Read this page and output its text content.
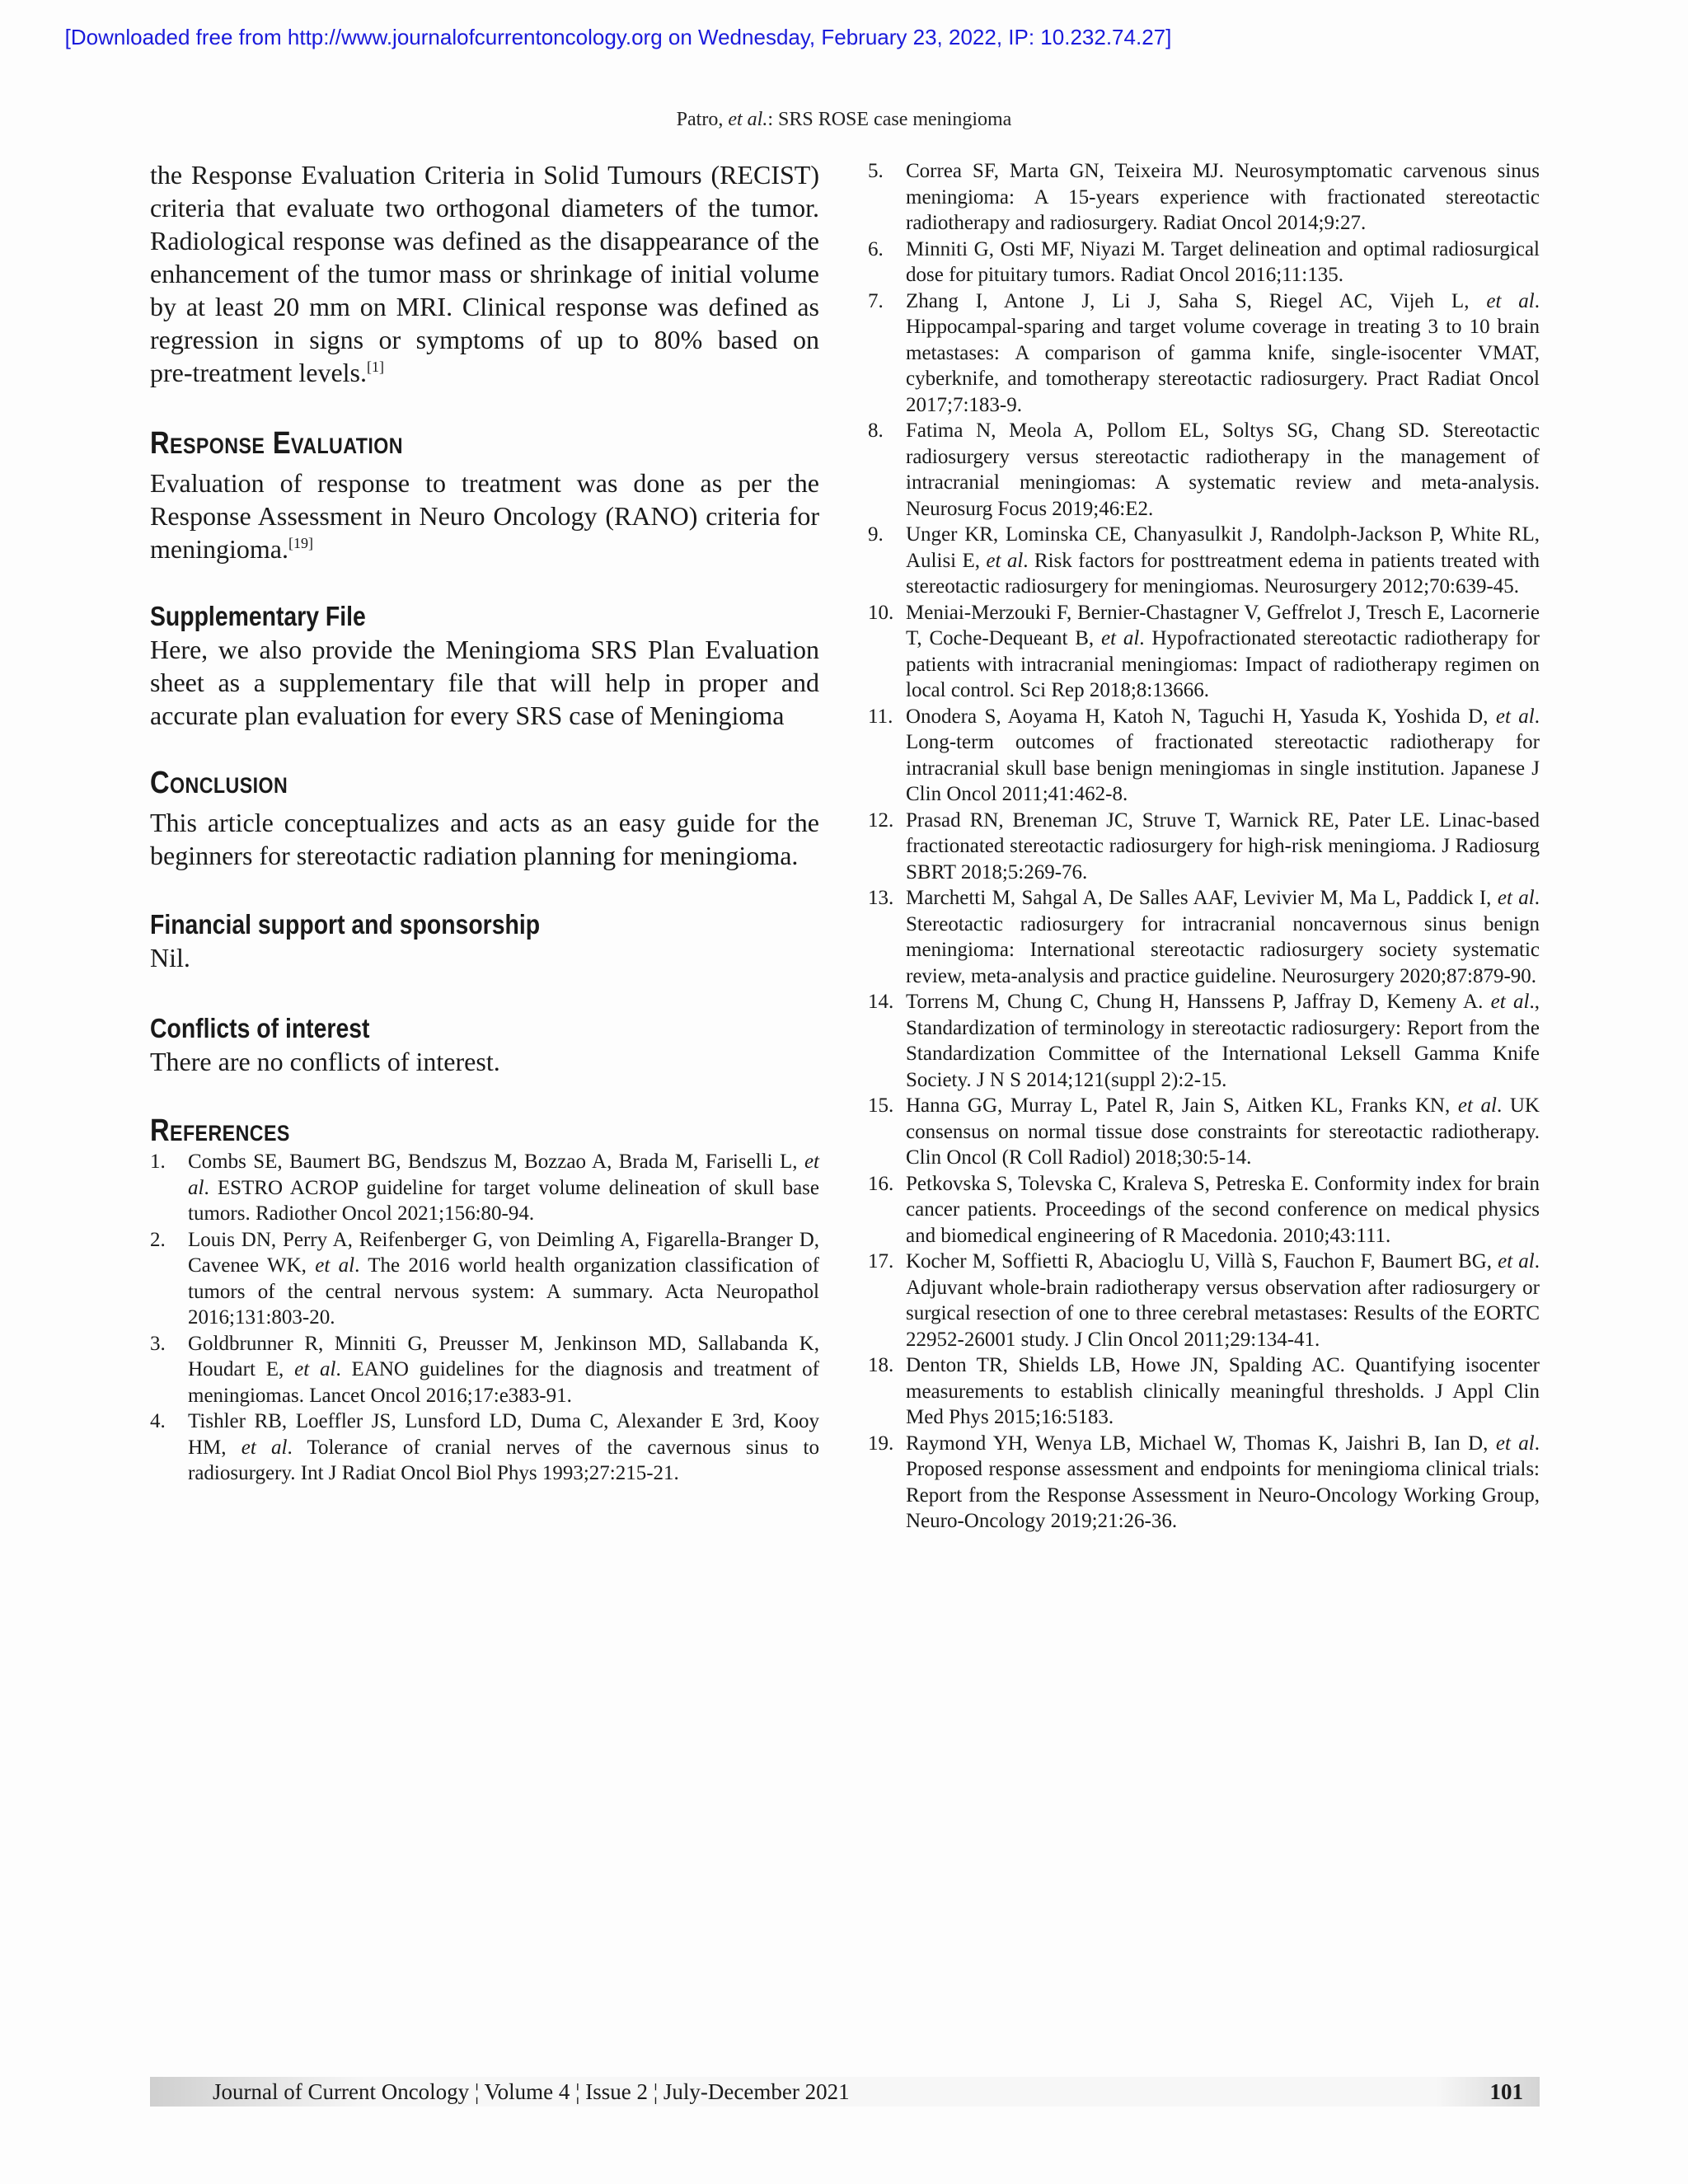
[Downloaded free from http://www.journalofcurrentoncology.org on Wednesday, February 23, 2022, IP: 10.232.74.27]
Patro, et al.: SRS ROSE case meningioma

the Response Evaluation Criteria in Solid Tumours (RECIST) criteria that evaluate two orthogonal diameters of the tumor. Radiological response was defined as the disappearance of the enhancement of the tumor mass or shrinkage of initial volume by at least 20 mm on MRI. Clinical response was defined as regression in signs or symptoms of up to 80% based on pre‑treatment levels.[1]

Response Evaluation

Evaluation of response to treatment was done as per the Response Assessment in Neuro Oncology (RANO) criteria for meningioma.[19]

Supplementary File

Here, we also provide the Meningioma SRS Plan Evaluation sheet as a supplementary file that will help in proper and accurate plan evaluation for every SRS case of Meningioma

Conclusion

This article conceptualizes and acts as an easy guide for the beginners for stereotactic radiation planning for meningioma.

Financial support and sponsorship

Nil.

Conflicts of interest

There are no conflicts of interest.

References
1.	Combs SE, Baumert BG, Bendszus M, Bozzao A, Brada M, Fariselli L, et al. ESTRO ACROP guideline for target volume delineation of skull base tumors. Radiother Oncol 2021;156:80‑94.
2.	Louis DN, Perry A, Reifenberger G, von Deimling A, Figarella‑Branger D, Cavenee WK, et al. The 2016 world health organization classification of tumors of the central nervous system: A summary. Acta Neuropathol 2016;131:803‑20.
3.	Goldbrunner R, Minniti G, Preusser M, Jenkinson MD, Sallabanda K, Houdart E, et al. EANO guidelines for the diagnosis and treatment of meningiomas. Lancet Oncol 2016;17:e383‑91.
4.	Tishler RB, Loeffler JS, Lunsford LD, Duma C, Alexander E 3rd, Kooy HM, et al. Tolerance of cranial nerves of the cavernous sinus to radiosurgery. Int J Radiat Oncol Biol Phys 1993;27:215‑21.
5.	Correa SF, Marta GN, Teixeira MJ. Neurosymptomatic carvenous sinus meningioma: A 15‑years experience with fractionated stereotactic radiotherapy and radiosurgery. Radiat Oncol 2014;9:27.
6.	Minniti G, Osti MF, Niyazi M. Target delineation and optimal radiosurgical dose for pituitary tumors. Radiat Oncol 2016;11:135.
7.	Zhang I, Antone J, Li J, Saha S, Riegel AC, Vijeh L, et al. Hippocampal‑sparing and target volume coverage in treating 3 to 10 brain metastases: A comparison of gamma knife, single‑isocenter VMAT, cyberknife, and tomotherapy stereotactic radiosurgery. Pract Radiat Oncol 2017;7:183‑9.
8.	Fatima N, Meola A, Pollom EL, Soltys SG, Chang SD. Stereotactic radiosurgery versus stereotactic radiotherapy in the management of intracranial meningiomas: A systematic review and meta‑analysis. Neurosurg Focus 2019;46:E2.
9.	Unger KR, Lominska CE, Chanyasulkit J, Randolph‑Jackson P, White RL, Aulisi E, et al. Risk factors for posttreatment edema in patients treated with stereotactic radiosurgery for meningiomas. Neurosurgery 2012;70:639‑45.
10. Meniai‑Merzouki F, Bernier‑Chastagner V, Geffrelot J, Tresch E, Lacornerie T, Coche‑Dequeant B, et al. Hypofractionated stereotactic radiotherapy for patients with intracranial meningiomas: Impact of radiotherapy regimen on local control. Sci Rep 2018;8:13666.
11. Onodera S, Aoyama H, Katoh N, Taguchi H, Yasuda K, Yoshida D, et al. Long‑term outcomes of fractionated stereotactic radiotherapy for intracranial skull base benign meningiomas in single institution. Japanese J Clin Oncol 2011;41:462‑8.
12. Prasad RN, Breneman JC, Struve T, Warnick RE, Pater LE. Linac‑based fractionated stereotactic radiosurgery for high‑risk meningioma. J Radiosurg SBRT 2018;5:269‑76.
13. Marchetti M, Sahgal A, De Salles AAF, Levivier M, Ma L, Paddick I, et al. Stereotactic radiosurgery for intracranial noncavernous sinus benign meningioma: International stereotactic radiosurgery society systematic review, meta‑analysis and practice guideline. Neurosurgery 2020;87:879‑90.
14. Torrens M, Chung C, Chung H, Hanssens P, Jaffray D, Kemeny A. et al., Standardization of terminology in stereotactic radiosurgery: Report from the Standardization Committee of the International Leksell Gamma Knife Society. J N S 2014;121(suppl 2):2‑15.
15. Hanna GG, Murray L, Patel R, Jain S, Aitken KL, Franks KN, et al. UK consensus on normal tissue dose constraints for stereotactic radiotherapy. Clin Oncol (R Coll Radiol) 2018;30:5‑14.
16. Petkovska S, Tolevska C, Kraleva S, Petreska E. Conformity index for brain cancer patients. Proceedings of the second conference on medical physics and biomedical engineering of R Macedonia. 2010;43:111.
17. Kocher M, Soffietti R, Abacioglu U, Villà S, Fauchon F, Baumert BG, et al. Adjuvant whole‑brain radiotherapy versus observation after radiosurgery or surgical resection of one to three cerebral metastases: Results of the EORTC 22952‑26001 study. J Clin Oncol 2011;29:134‑41.
18. Denton TR, Shields LB, Howe JN, Spalding AC. Quantifying isocenter measurements to establish clinically meaningful thresholds. J Appl Clin Med Phys 2015;16:5183.
19. Raymond YH, Wenya LB, Michael W, Thomas K, Jaishri B, Ian D, et al. Proposed response assessment and endpoints for meningioma clinical trials: Report from the Response Assessment in Neuro‑Oncology Working Group, Neuro‑Oncology 2019;21:26‑36.
Journal of Current Oncology ¦ Volume 4 ¦ Issue 2 ¦ July‑December 2021	101
